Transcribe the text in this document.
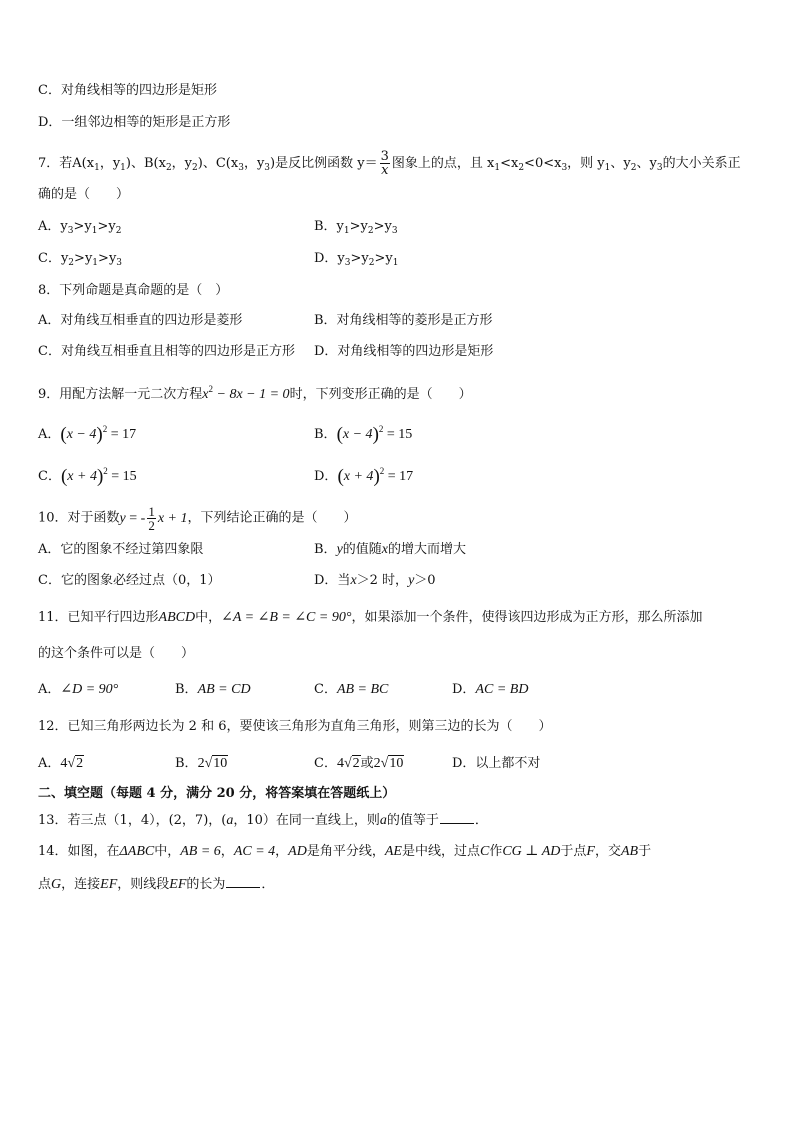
C．对角线相等的四边形是矩形
D．一组邻边相等的矩形是正方形
7．若$A(x_1$，$y_1$)、$B(x_2$，$y_2$)、$C(x_3$，$y_3$)是反比例函数 $y= \frac{3}{x}$ 图象上的点，且 $x_1<x_2<0<x_3$，则 $y_1$、$y_2$、$y_3$的大小关系正
确的是（　　）
A．$y_3>y_1>y_2$	B．$y_1>y_2>y_3$
C．$y_2>y_1>y_3$	D．$y_3>y_2>y_1$
8．下列命题是真命题的是（　）
A．对角线互相垂直的四边形是菱形	B．对角线相等的菱形是正方形
C．对角线互相垂直且相等的四边形是正方形 D．对角线相等的四边形是矩形
9．用配方法解一元二次方程$x^2 - 8x - 1 = 0$时，下列变形正确的是（　　）
A．$(x - 4)^2 = 17$	B．$(x - 4)^2 = 15$
C．$(x + 4)^2 = 15$	D．$(x + 4)^2 = 17$
10．对于函数y = - $\frac{1}{2}$ x + 1，下列结论正确的是（　　）
A．它的图象不经过第四象限	B．y的值随x的增大而增大
C．它的图象必经过点（0，1）	D．当x＞2 时，y＞0
11．已知平行四边形ABCD中，∠A = ∠B = ∠C = 90°，如果添加一个条件，使得该四边形成为正方形，那么所添加
的这个条件可以是（　　）
A．∠D = 90°	B．AB = CD	C．AB = BC	D．AC = BD
12．已知三角形两边长为 2 和 6，要使该三角形为直角三角形，则第三边的长为（　　）
A．4√2	B．2√10	C．4√2或2√10	D．以上都不对
二、填空题（每题 4 分，满分 20 分，将答案填在答题纸上）
13．若三点（1，4），(2，7)，(a，10）在同一直线上，则a的值等于	．
14．如图，在ΔABC中，AB = 6，AC = 4，AD是角平分线，AE是中线，过点C作CG ⊥ AD于点F，交AB于
点G，连接EF，则线段EF的长为	．
